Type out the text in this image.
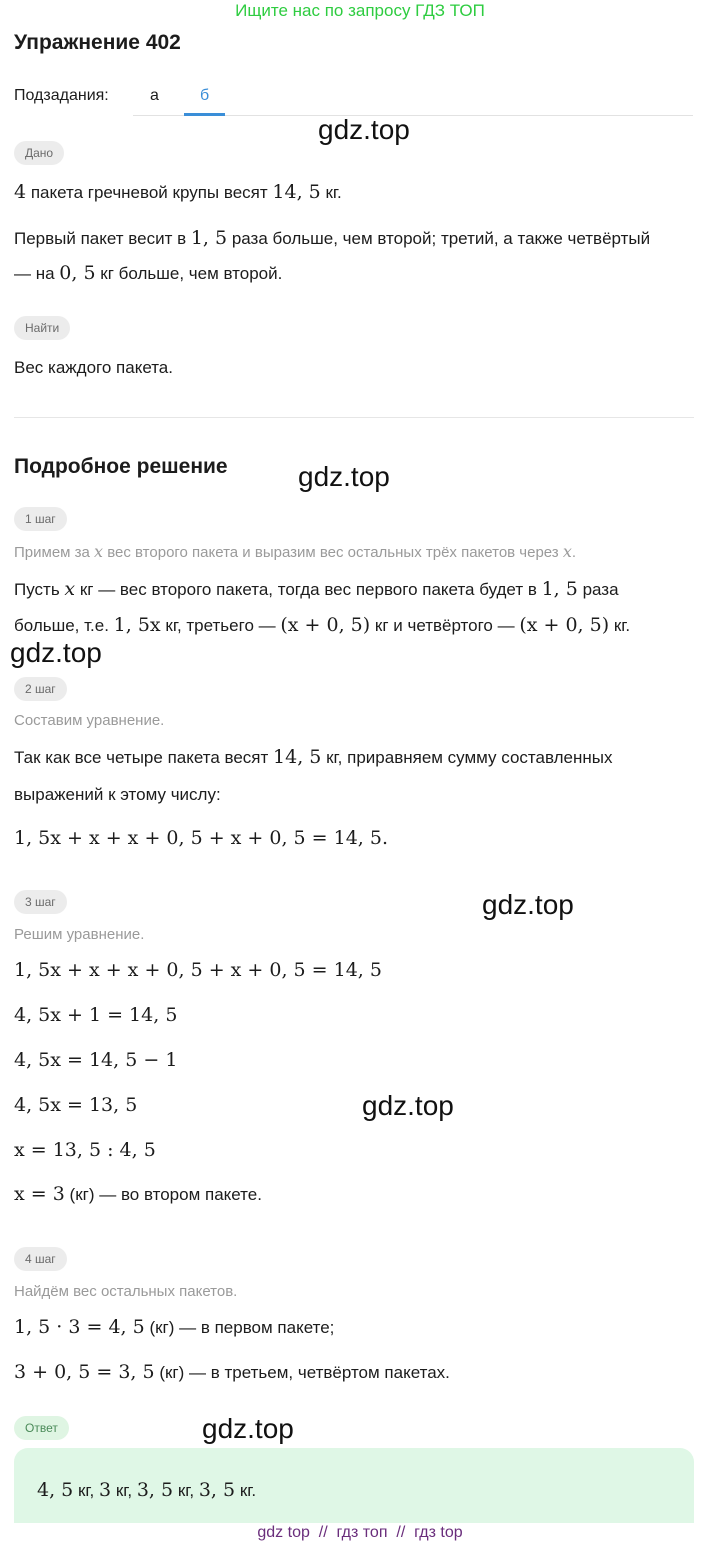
Ищите нас по запросу ГДЗ ТОП
Упражнение 402
Подзадания:	а	б
Дано
4 пакета гречневой крупы весят 14, 5 кг.
Первый пакет весит в 1, 5 раза больше, чем второй; третий, а также четвёртый
— на 0, 5 кг больше, чем второй.
Найти
Вес каждого пакета.
Подробное решение
1 шаг
Примем за x вес второго пакета и выразим вес остальных трёх пакетов через x.
Пусть x кг — вес второго пакета, тогда вес первого пакета будет в 1, 5 раза
больше, т.е. 1, 5x кг, третьего — (x + 0, 5) кг и четвёртого — (x + 0, 5) кг.
2 шаг
Составим уравнение.
Так как все четыре пакета весят 14, 5 кг, приравняем сумму составленных
выражений к этому числу:
1, 5x + x + x + 0, 5 + x + 0, 5 = 14, 5.
3 шаг
Решим уравнение.
1, 5x + x + x + 0, 5 + x + 0, 5 = 14, 5
4, 5x + 1 = 14, 5
4, 5x = 14, 5 − 1
4, 5x = 13, 5
x = 13, 5 : 4, 5
x = 3 (кг) — во втором пакете.
4 шаг
Найдём вес остальных пакетов.
1, 5 · 3 = 4, 5 (кг) — в первом пакете;
3 + 0, 5 = 3, 5 (кг) — в третьем, четвёртом пакетах.
Ответ
4, 5 кг, 3 кг, 3, 5 кг, 3, 5 кг.
gdz.top
gdz.top
gdz.top
gdz.top
gdz.top
gdz.top
gdz top  //  гдз топ  //  гдз top
